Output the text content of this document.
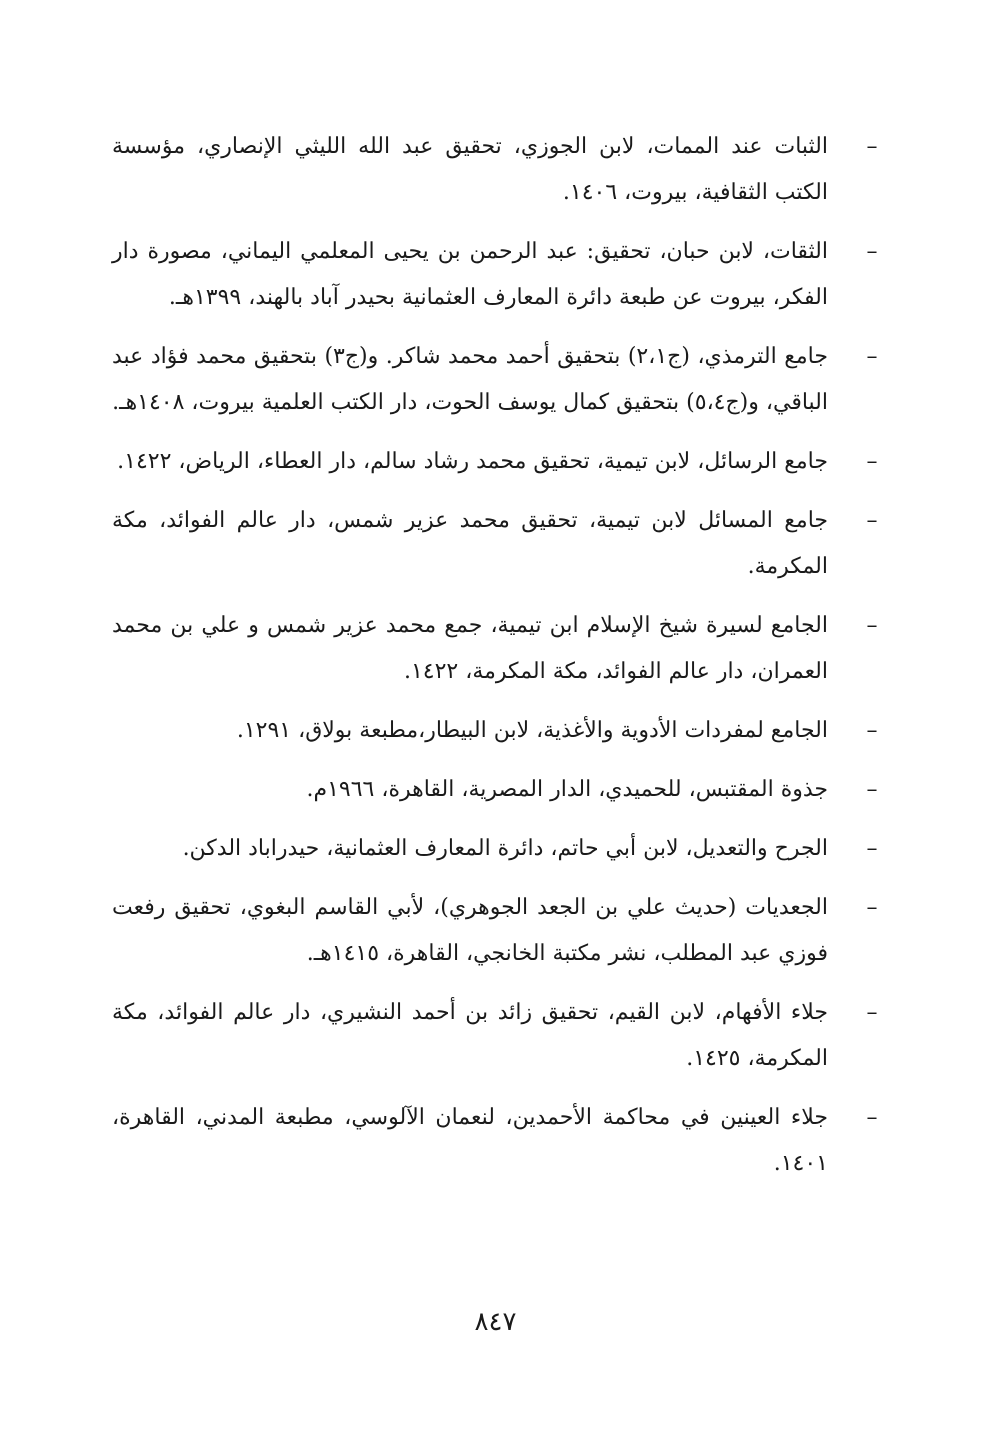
–
الثبات عند الممات، لابن الجوزي، تحقيق عبد الله الليثي الإنصاري، مؤسسة الكتب الثقافية، بيروت، ١٤٠٦.
–
الثقات، لابن حبان، تحقيق: عبد الرحمن بن يحيى المعلمي اليماني، مصورة دار الفكر، بيروت عن طبعة دائرة المعارف العثمانية بحيدر آباد بالهند، ١٣٩٩هـ.
–
جامع الترمذي، (ج٢،١) بتحقيق أحمد محمد شاكر. و(ج٣) بتحقيق محمد فؤاد عبد الباقي، و(ج٥،٤) بتحقيق كمال يوسف الحوت، دار الكتب العلمية بيروت، ١٤٠٨هـ.
–
جامع الرسائل، لابن تيمية، تحقيق محمد رشاد سالم، دار العطاء، الرياض، ١٤٢٢.
–
جامع المسائل لابن تيمية، تحقيق محمد عزير شمس، دار عالم الفوائد، مكة المكرمة.
–
الجامع لسيرة شيخ الإسلام ابن تيمية، جمع محمد عزير شمس و علي بن محمد العمران، دار عالم الفوائد، مكة المكرمة، ١٤٢٢.
–
الجامع لمفردات الأدوية والأغذية، لابن البيطار،مطبعة بولاق، ١٢٩١.
–
جذوة المقتبس، للحميدي، الدار المصرية، القاهرة، ١٩٦٦م.
–
الجرح والتعديل، لابن أبي حاتم، دائرة المعارف العثمانية، حيدراباد الدكن.
–
الجعديات (حديث علي بن الجعد الجوهري)، لأبي القاسم البغوي، تحقيق رفعت فوزي عبد المطلب، نشر مكتبة الخانجي، القاهرة، ١٤١٥هـ.
–
جلاء الأفهام، لابن القيم، تحقيق زائد بن أحمد النشيري، دار عالم الفوائد، مكة المكرمة، ١٤٢٥.
–
جلاء العينين في محاكمة الأحمدين، لنعمان الآلوسي، مطبعة المدني، القاهرة، ١٤٠١.
٨٤٧
